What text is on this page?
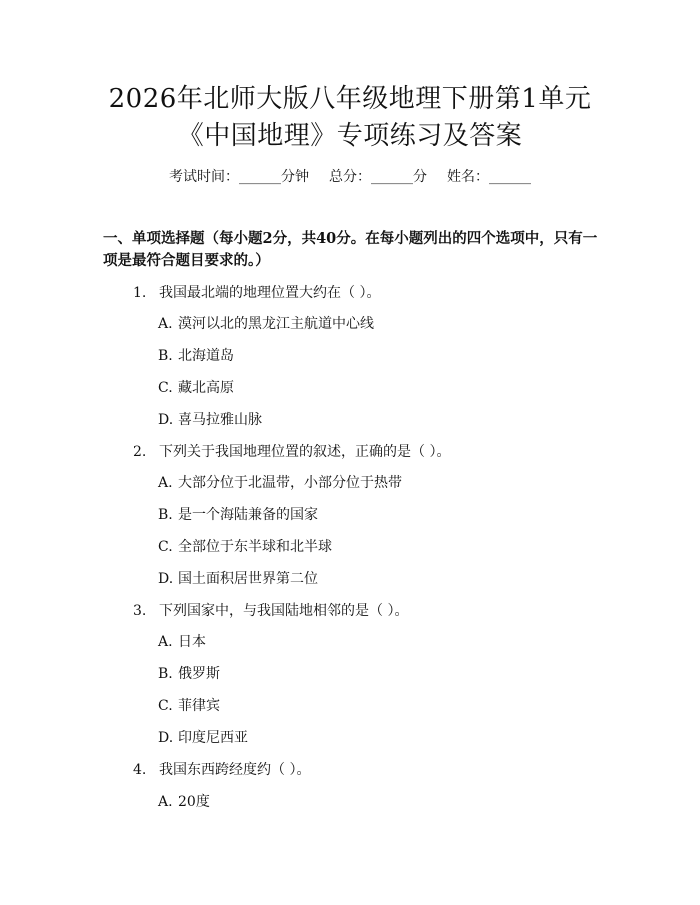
2026年北师大版八年级地理下册第1单元
《中国地理》专项练习及答案
考试时间：______分钟 总分：______分 姓名：______
一、单项选择题（每小题2分，共40分。在每小题列出的四个选项中，只有一项是最符合题目要求的。）
1. 我国最北端的地理位置大约在（ ）。
A. 漠河以北的黑龙江主航道中心线
B. 北海道岛
C. 藏北高原
D. 喜马拉雅山脉
2. 下列关于我国地理位置的叙述，正确的是（ ）。
A. 大部分位于北温带，小部分位于热带
B. 是一个海陆兼备的国家
C. 全部位于东半球和北半球
D. 国土面积居世界第二位
3. 下列国家中，与我国陆地相邻的是（ ）。
A. 日本
B. 俄罗斯
C. 菲律宾
D. 印度尼西亚
4. 我国东西跨经度约（ ）。
A. 20度
